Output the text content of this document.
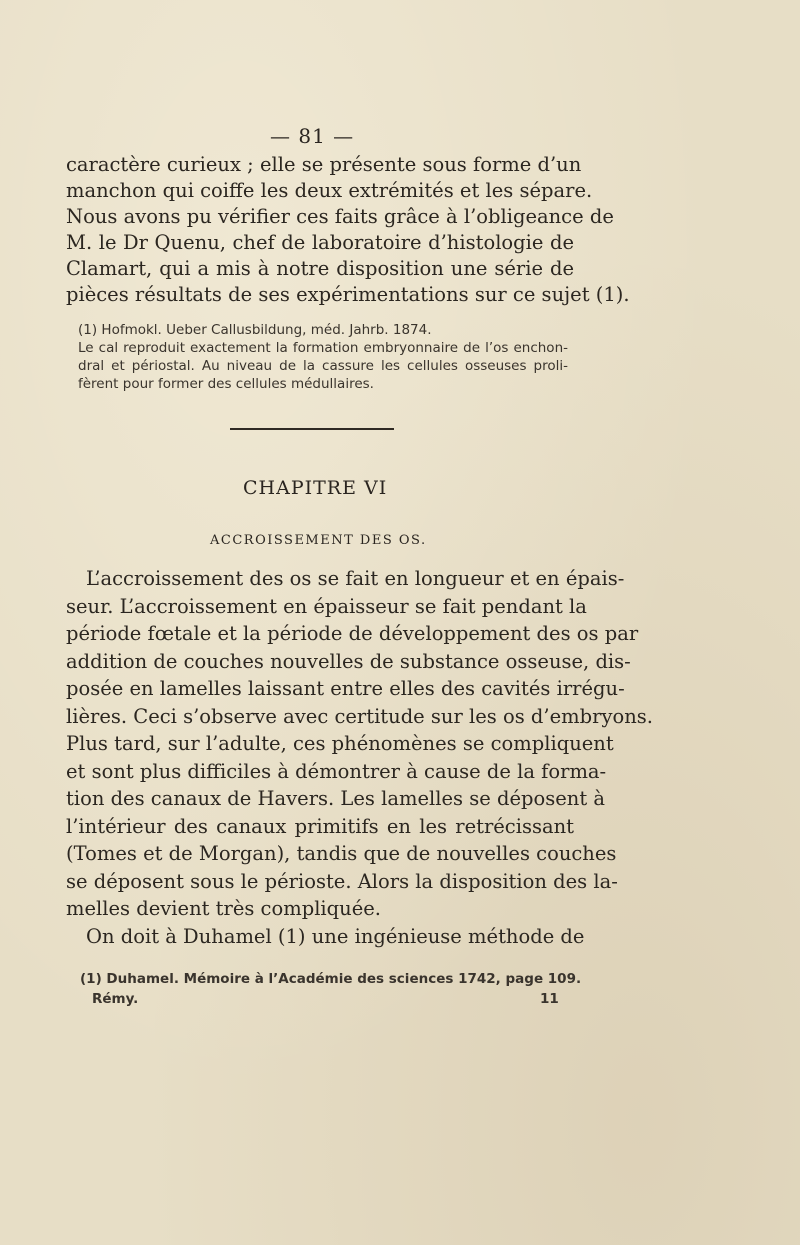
— 81 —
caractère curieux ; elle se présente sous forme d’un
manchon qui coiffe les deux extrémités et les sépare.
Nous avons pu vérifier ces faits grâce à l’obligeance de
M. le Dr Quenu, chef de laboratoire d’histologie de
Clamart, qui a mis à notre disposition une série de
pièces résultats de ses expérimentations sur ce sujet (1).
(1) Hofmokl. Ueber Callusbildung, méd. Jahrb. 1874.
Le cal reproduit exactement la formation embryonnaire de l’os enchon-
dral et périostal. Au niveau de la cassure les cellules osseuses proli-
fèrent pour former des cellules médullaires.
CHAPITRE VI
ACCROISSEMENT DES OS.
L’accroissement des os se fait en longueur et en épais-
seur. L’accroissement en épaisseur se fait pendant la
période fœtale et la période de développement des os par
addition de couches nouvelles de substance osseuse, dis-
posée en lamelles laissant entre elles des cavités irrégu-
lières. Ceci s’observe avec certitude sur les os d’embryons.
Plus tard, sur l’adulte, ces phénomènes se compliquent
et sont plus difficiles à démontrer à cause de la forma-
tion des canaux de Havers. Les lamelles se déposent à
l’intérieur des canaux primitifs en les retrécissant
(Tomes et de Morgan), tandis que de nouvelles couches
se déposent sous le périoste. Alors la disposition des la-
melles devient très compliquée.
On doit à Duhamel (1) une ingénieuse méthode de
(1) Duhamel. Mémoire à l’Académie des sciences 1742, page 109.
Rémy.	11
